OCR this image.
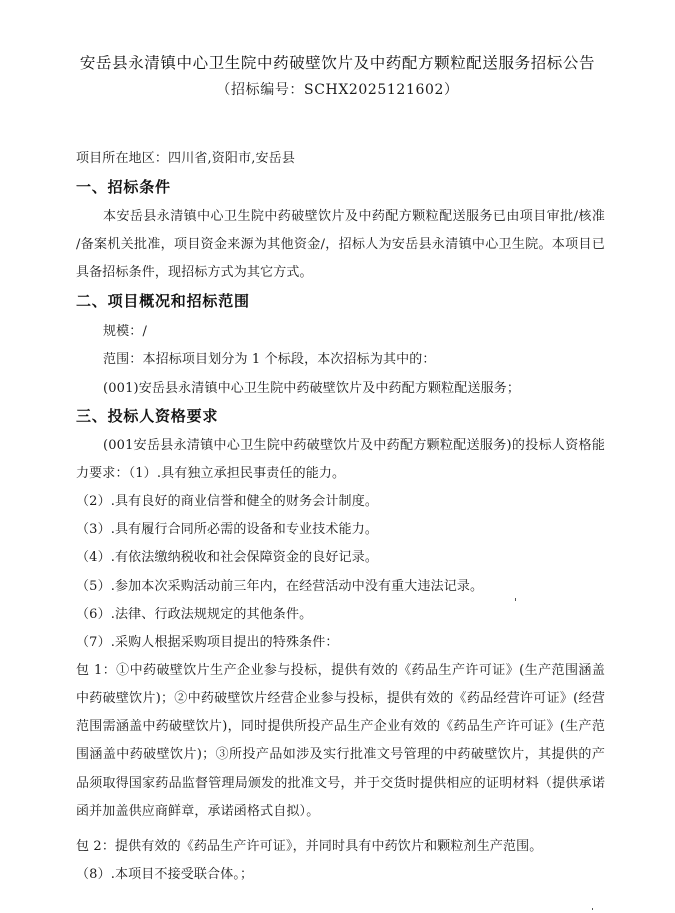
安岳县永清镇中心卫生院中药破壁饮片及中药配方颗粒配送服务招标公告
（招标编号：SCHX2025121602）
项目所在地区：四川省,资阳市,安岳县
一、招标条件
本安岳县永清镇中心卫生院中药破壁饮片及中药配方颗粒配送服务已由项目审批/核准
/备案机关批准，项目资金来源为其他资金/，招标人为安岳县永清镇中心卫生院。本项目已
具备招标条件，现招标方式为其它方式。
二、项目概况和招标范围
规模：/
范围：本招标项目划分为 1 个标段，本次招标为其中的：
(001)安岳县永清镇中心卫生院中药破壁饮片及中药配方颗粒配送服务；
三、投标人资格要求
(001安岳县永清镇中心卫生院中药破壁饮片及中药配方颗粒配送服务)的投标人资格能
力要求：（1）.具有独立承担民事责任的能力。
（2）.具有良好的商业信誉和健全的财务会计制度。
（3）.具有履行合同所必需的设备和专业技术能力。
（4）.有依法缴纳税收和社会保障资金的良好记录。
（5）.参加本次采购活动前三年内，在经营活动中没有重大违法记录。
（6）.法律、行政法规规定的其他条件。
（7）.采购人根据采购项目提出的特殊条件：
包 1：①中药破壁饮片生产企业参与投标，提供有效的《药品生产许可证》(生产范围涵盖
中药破壁饮片)；②中药破壁饮片经营企业参与投标，提供有效的《药品经营许可证》(经营
范围需涵盖中药破壁饮片)，同时提供所投产品生产企业有效的《药品生产许可证》(生产范
围涵盖中药破壁饮片)；③所投产品如涉及实行批准文号管理的中药破壁饮片，其提供的产
品须取得国家药品监督管理局颁发的批准文号，并于交货时提供相应的证明材料（提供承诺
函并加盖供应商鲜章，承诺函格式自拟）。
包 2：提供有效的《药品生产许可证》，并同时具有中药饮片和颗粒剂生产范围。
（8）.本项目不接受联合体。；
